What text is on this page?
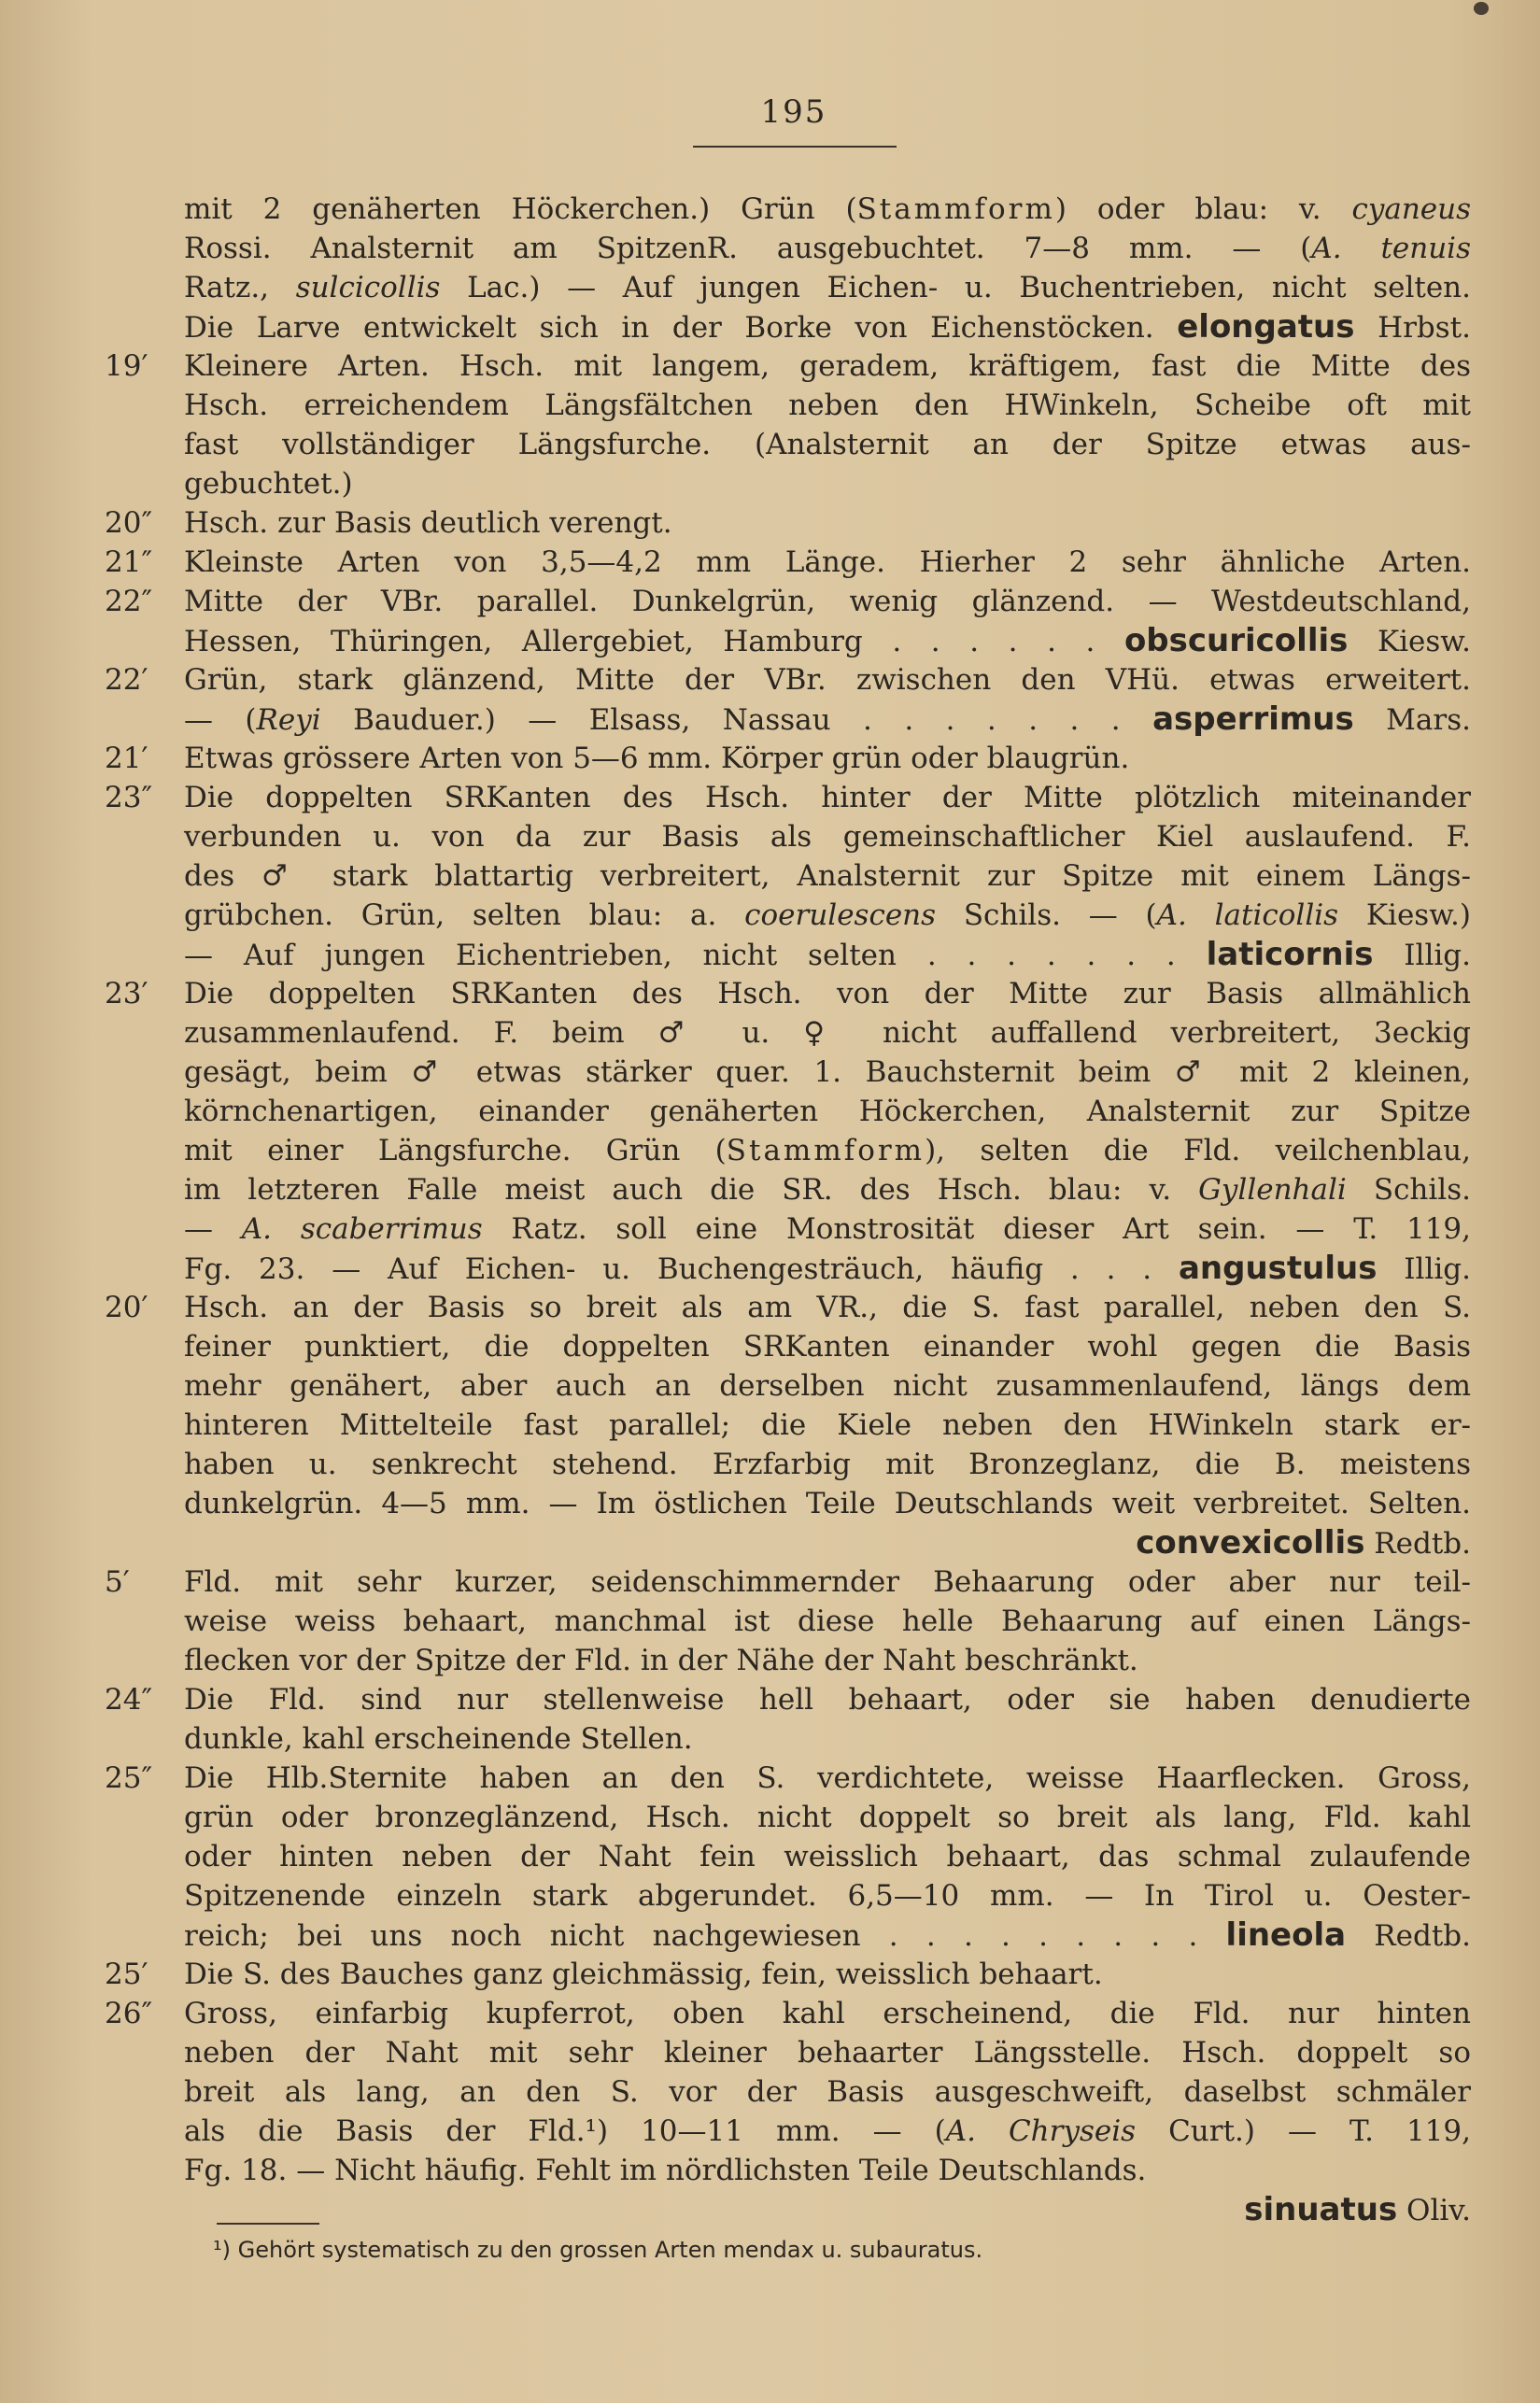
195
mit 2 genäherten Höckerchen.) Grün (Stammform) oder blau: v. cyaneus
Rossi. Analsternit am SpitzenR. ausgebuchtet. 7—8 mm. — (A. tenuis
Ratz., sulcicollis Lac.) — Auf jungen Eichen- u. Buchentrieben, nicht selten.
Die Larve entwickelt sich in der Borke von Eichenstöcken. elongatus Hrbst.
19′	Kleinere Arten. Hsch. mit langem, geradem, kräftigem, fast die Mitte des
Hsch. erreichendem Längsfältchen neben den HWinkeln, Scheibe oft mit
fast vollständiger Längsfurche. (Analsternit an der Spitze etwas aus-
gebuchtet.)
20″	Hsch. zur Basis deutlich verengt.
21″	Kleinste Arten von 3,5—4,2 mm Länge. Hierher 2 sehr ähnliche Arten.
22″	Mitte der VBr. parallel. Dunkelgrün, wenig glänzend. — Westdeutschland,
Hessen, Thüringen, Allergebiet, Hamburg . . . . . . obscuricollis Kiesw.
22′	Grün, stark glänzend, Mitte der VBr. zwischen den VHü. etwas erweitert.
— (Reyi Bauduer.) — Elsass, Nassau . . . . . . . asperrimus Mars.
21′	Etwas grössere Arten von 5—6 mm. Körper grün oder blaugrün.
23″	Die doppelten SRKanten des Hsch. hinter der Mitte plötzlich miteinander
verbunden u. von da zur Basis als gemeinschaftlicher Kiel auslaufend. F.
des ♂ stark blattartig verbreitert, Analsternit zur Spitze mit einem Längs-
grübchen. Grün, selten blau: a. coerulescens Schils. — (A. laticollis Kiesw.)
— Auf jungen Eichentrieben, nicht selten . . . . . . . laticornis Illig.
23′	Die doppelten SRKanten des Hsch. von der Mitte zur Basis allmählich
zusammenlaufend. F. beim ♂ u. ♀ nicht auffallend verbreitert, 3eckig
gesägt, beim ♂ etwas stärker quer. 1. Bauchsternit beim ♂ mit 2 kleinen,
körnchenartigen, einander genäherten Höckerchen, Analsternit zur Spitze
mit einer Längsfurche. Grün (Stammform), selten die Fld. veilchenblau,
im letzteren Falle meist auch die SR. des Hsch. blau: v. Gyllenhali Schils.
— A. scaberrimus Ratz. soll eine Monstrosität dieser Art sein. — T. 119,
Fg. 23. — Auf Eichen- u. Buchengesträuch, häufig . . . angustulus Illig.
20′	Hsch. an der Basis so breit als am VR., die S. fast parallel, neben den S.
feiner punktiert, die doppelten SRKanten einander wohl gegen die Basis
mehr genähert, aber auch an derselben nicht zusammenlaufend, längs dem
hinteren Mittelteile fast parallel; die Kiele neben den HWinkeln stark er-
haben u. senkrecht stehend. Erzfarbig mit Bronzeglanz, die B. meistens
dunkelgrün. 4—5 mm. — Im östlichen Teile Deutschlands weit verbreitet. Selten.
convexicollis Redtb.
5′	Fld. mit sehr kurzer, seidenschimmernder Behaarung oder aber nur teil-
weise weiss behaart, manchmal ist diese helle Behaarung auf einen Längs-
flecken vor der Spitze der Fld. in der Nähe der Naht beschränkt.
24″	Die Fld. sind nur stellenweise hell behaart, oder sie haben denudierte
dunkle, kahl erscheinende Stellen.
25″	Die Hlb.Sternite haben an den S. verdichtete, weisse Haarflecken. Gross,
grün oder bronzeglänzend, Hsch. nicht doppelt so breit als lang, Fld. kahl
oder hinten neben der Naht fein weisslich behaart, das schmal zulaufende
Spitzenende einzeln stark abgerundet. 6,5—10 mm. — In Tirol u. Oester-
reich; bei uns noch nicht nachgewiesen . . . . . . . . . lineola Redtb.
25′	Die S. des Bauches ganz gleichmässig, fein, weisslich behaart.
26″	Gross, einfarbig kupferrot, oben kahl erscheinend, die Fld. nur hinten
neben der Naht mit sehr kleiner behaarter Längsstelle. Hsch. doppelt so
breit als lang, an den S. vor der Basis ausgeschweift, daselbst schmäler
als die Basis der Fld.¹) 10—11 mm. — (A. Chryseis Curt.) — T. 119,
Fg. 18. — Nicht häufig. Fehlt im nördlichsten Teile Deutschlands.
sinuatus Oliv.
¹) Gehört systematisch zu den grossen Arten mendax u. subauratus.
